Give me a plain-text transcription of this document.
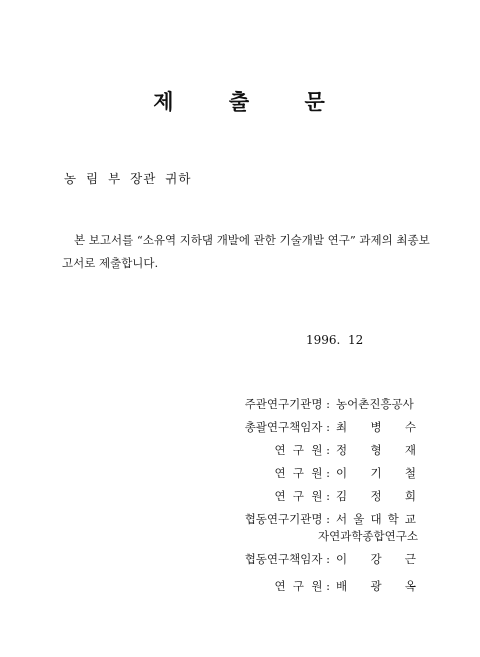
제	출	문
농 림 부 장관 귀하
본 보고서를 “소유역 지하댐 개발에 관한 기술개발 연구” 과제의 최종보고서로 제출합니다.
1996.  12
주관연구기관명 : 농어촌진흥공사
총괄연구책임자 : 최 병 수
연  구  원 : 정 형 재
연  구  원 : 이 기 철
연  구  원 : 김 정 희
협동연구기관명 : 서 울 대 학 교
자연과학종합연구소
협동연구책임자 : 이 강 근
연  구  원 : 배 광 옥
